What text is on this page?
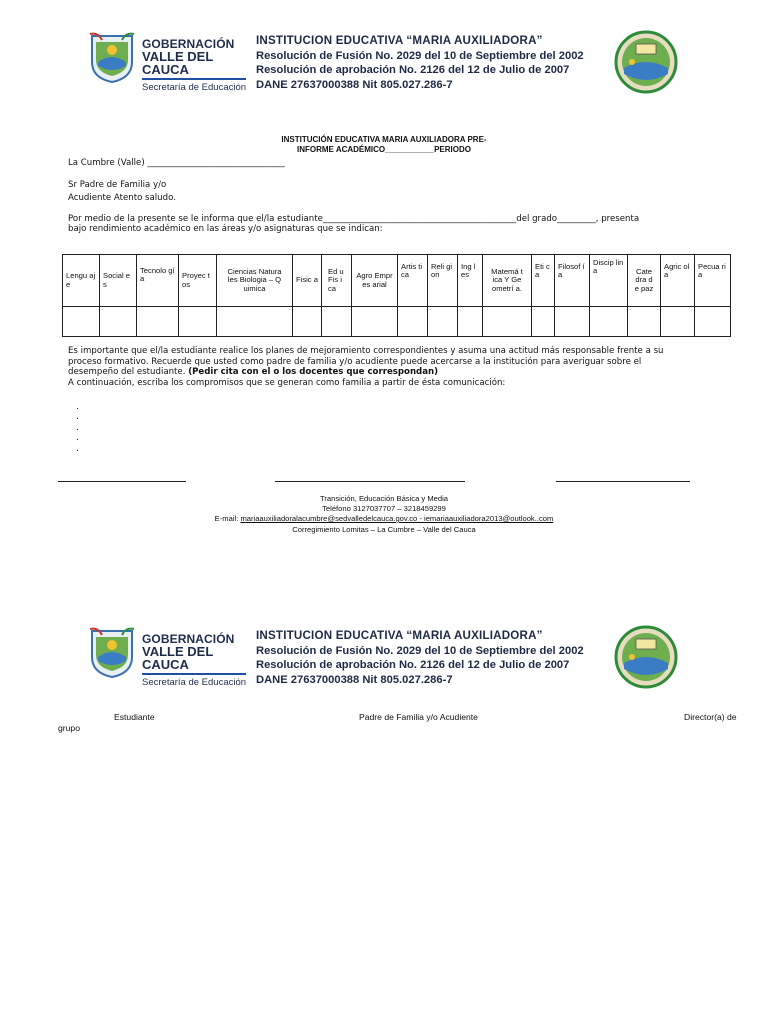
GOBERNACIÓN
VALLE DEL CAUCA
Secretaría de Educación
INSTITUCION EDUCATIVA “MARIA AUXILIADORA”
Resolución de Fusión No. 2029 del 10 de Septiembre del 2002
Resolución de aprobación No. 2126 del 12 de Julio de 2007
DANE 27637000388 Nit 805.027.286-7
INSTITUCIÓN EDUCATIVA MARIA AUXILIADORA PRE-
INFORME ACADÉMICO___________PERIODO
La Cumbre (Valle) ________________________________
Sr Padre de Familia y/o
Acudiente Atento saludo.
Por medio de la presente se le informa que el/la estudiante_____________________________________________del grado_________, presenta
bajo rendimiento académico en las áreas y/o asignaturas que se indican:
Lengu aje	Social es	Tecnolo gía	Proyec tos	Ciencias Naturales Biologia – Quimica	Fisic a	Ed u Fis ica	Agro Empres arial	Artis tica	Reli gion	Ing les	Matemá tica Y Geometrí a.	Eti ca	Filosof ía	Discip lina	Cate dra de paz	Agric ola	Pecua ria

Es importante que el/la estudiante realice los planes de mejoramiento correspondientes y asuma una actitud más responsable frente a su
proceso formativo. Recuerde que usted como padre de familia y/o acudiente puede acercarse a la institución para averiguar sobre el
desempeño del estudiante. (Pedir cita con el o los docentes que correspondan)
A continuación, escriba los compromisos que se generan como familia a partir de ésta comunicación:
.
.
.
.
.
Transición, Educación Básica y Media
Teléfono 3127037707 – 3218459299
E-mail: mariaauxiliadoralacumbre@sedvalledelcauca.gov.co - iemariaauxiliadora2013@outlook..com
Corregimiento Lomitas – La Cumbre – Valle del Cauca
GOBERNACIÓN
VALLE DEL CAUCA
Secretaría de Educación
INSTITUCION EDUCATIVA “MARIA AUXILIADORA”
Resolución de Fusión No. 2029 del 10 de Septiembre del 2002
Resolución de aprobación No. 2126 del 12 de Julio de 2007
DANE 27637000388 Nit 805.027.286-7
Estudiante	Padre de Familia y/o Acudiente	Director(a) de
grupo
